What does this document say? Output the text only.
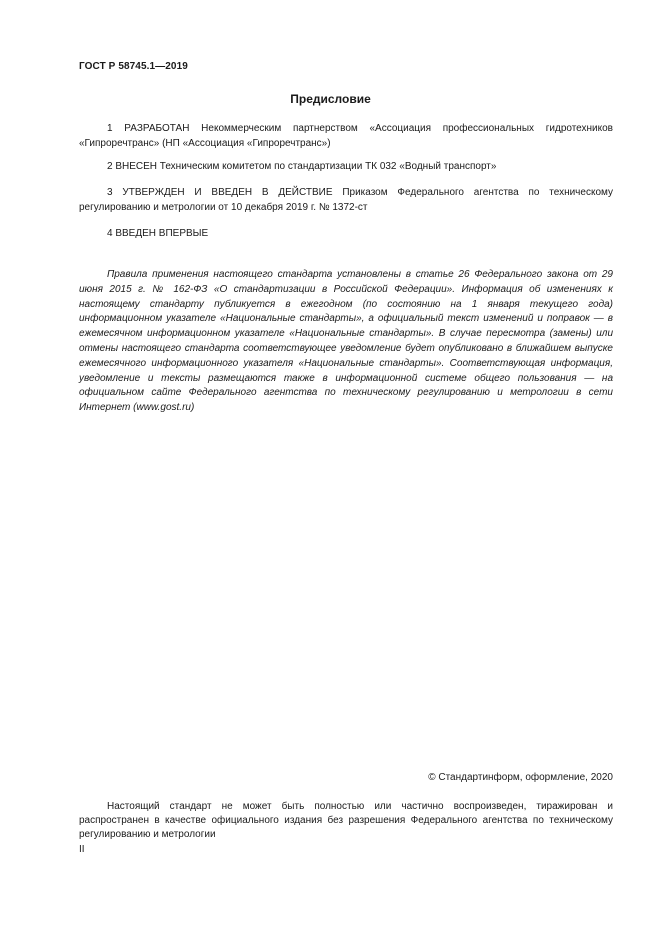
ГОСТ Р 58745.1—2019
Предисловие

1 РАЗРАБОТАН Некоммерческим партнерством «Ассоциация профессиональных гидротехников «Гипроречтранс» (НП «Ассоциация «Гипроречтранс»)

2 ВНЕСЕН Техническим комитетом по стандартизации ТК 032 «Водный транспорт»

3 УТВЕРЖДЕН И ВВЕДЕН В ДЕЙСТВИЕ Приказом Федерального агентства по техническому регулированию и метрологии от 10 декабря 2019 г. № 1372-ст

4 ВВЕДЕН ВПЕРВЫЕ

Правила применения настоящего стандарта установлены в статье 26 Федерального закона от 29 июня 2015 г. № 162-ФЗ «О стандартизации в Российской Федерации». Информация об изменениях к настоящему стандарту публикуется в ежегодном (по состоянию на 1 января текущего года) информационном указателе «Национальные стандарты», а официальный текст изменений и поправок — в ежемесячном информационном указателе «Национальные стандарты». В случае пересмотра (замены) или отмены настоящего стандарта соответствующее уведомление будет опубликовано в ближайшем выпуске ежемесячного информационного указателя «Национальные стандарты». Соответствующая информация, уведомление и тексты размещаются также в информационной системе общего пользования — на официальном сайте Федерального агентства по техническому регулированию и метрологии в сети Интернет (www.gost.ru)

© Стандартинформ, оформление, 2020

Настоящий стандарт не может быть полностью или частично воспроизведен, тиражирован и распространен в качестве официального издания без разрешения Федерального агентства по техническому регулированию и метрологии

II
